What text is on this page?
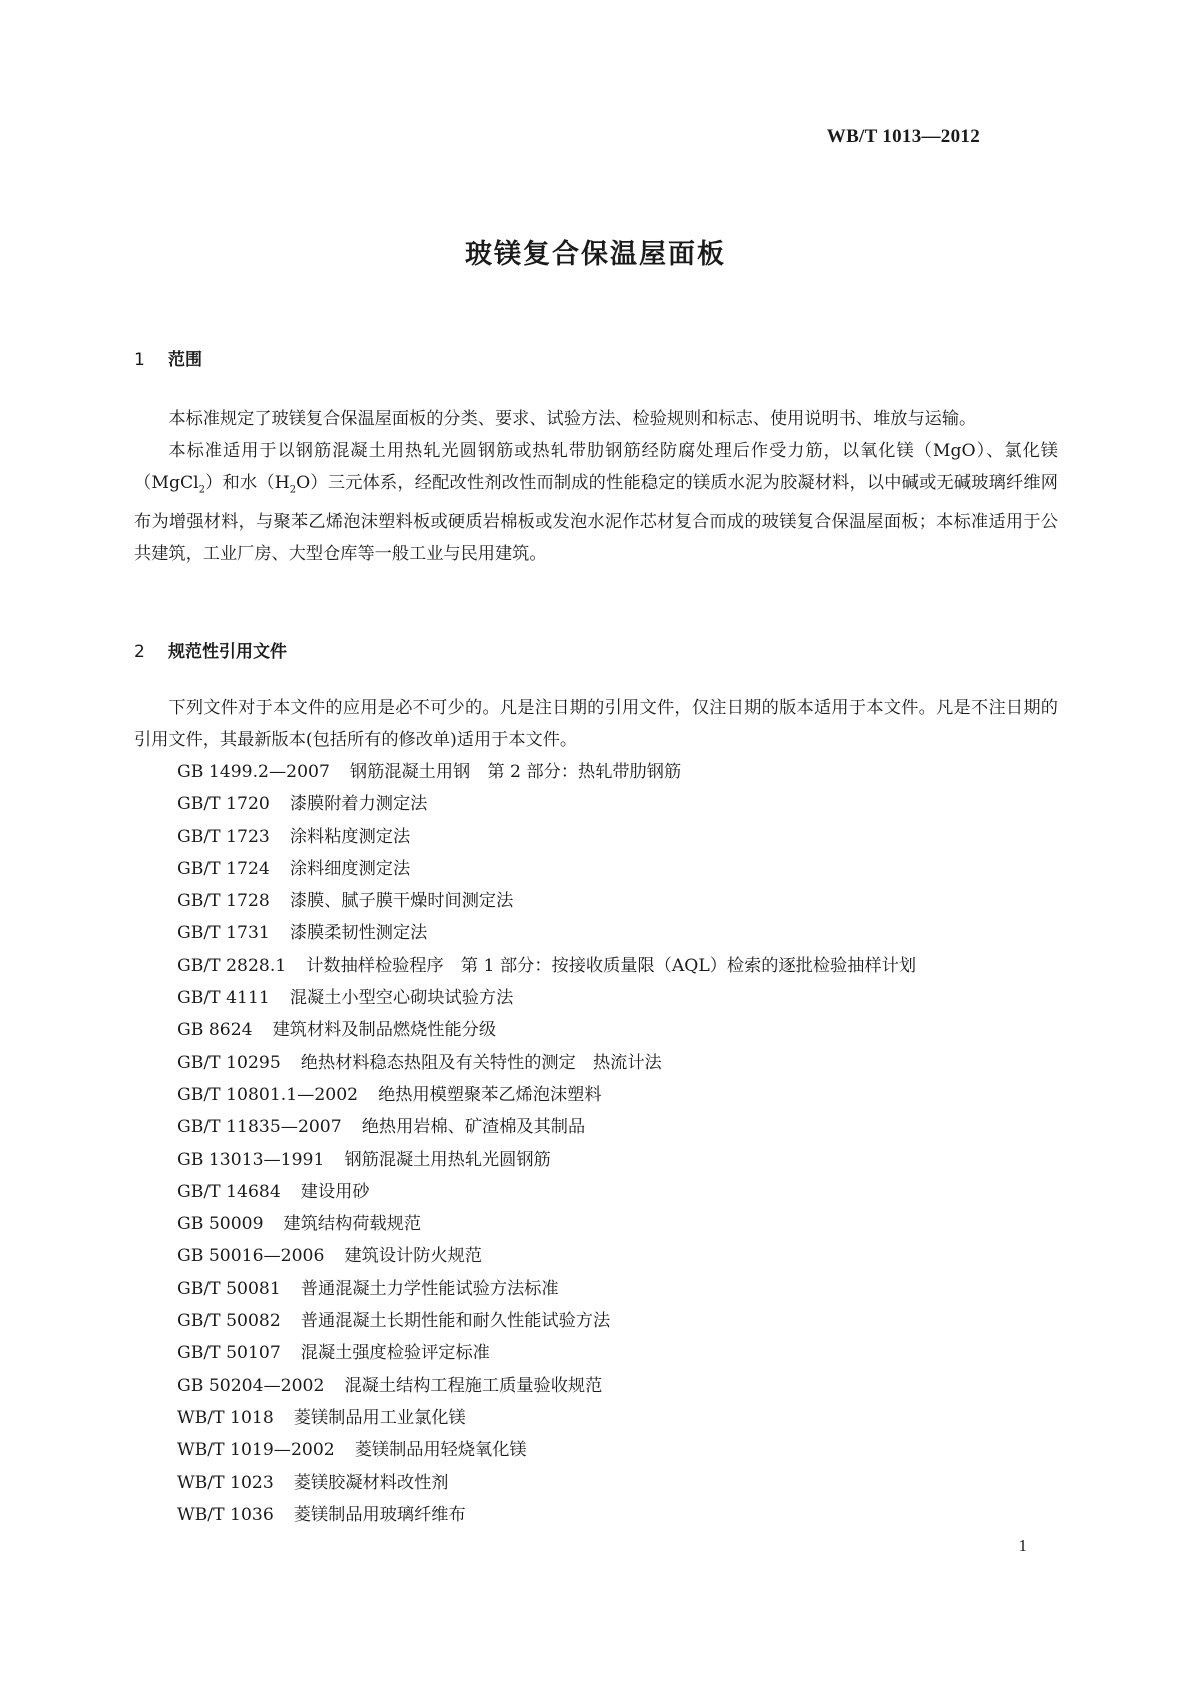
WB/T 1013—2012
玻镁复合保温屋面板
1 范围

本标准规定了玻镁复合保温屋面板的分类、要求、试验方法、检验规则和标志、使用说明书、堆放与运输。

本标准适用于以钢筋混凝土用热轧光圆钢筋或热轧带肋钢筋经防腐处理后作受力筋，以氧化镁（MgO）、氯化镁（MgCl$_2$）和水$(H_2O)$三元体系，经配改性剂改性而制成的性能稳定的镁质水泥为胶凝材料，以中碱或无碱玻璃纤维网布为增强材料，与聚苯乙烯泡沫塑料板或硬质岩棉板或发泡水泥作芯材复合而成的玻镁复合保温屋面板；本标准适用于公共建筑，工业厂房、大型仓库等一般工业与民用建筑。

2 规范性引用文件

下列文件对于本文件的应用是必不可少的。凡是注日期的引用文件，仅注日期的版本适用于本文件。凡是不注日期的引用文件，其最新版本(包括所有的修改单)适用于本文件。

GB 1499.2—2007 钢筋混凝土用钢　第 2 部分：热轧带肋钢筋
GB/T 1720 漆膜附着力测定法
GB/T 1723 涂料粘度测定法
GB/T 1724 涂料细度测定法
GB/T 1728 漆膜、腻子膜干燥时间测定法
GB/T 1731 漆膜柔韧性测定法
GB/T 2828.1 计数抽样检验程序　第 1 部分：按接收质量限（AQL）检索的逐批检验抽样计划
GB/T 4111 混凝土小型空心砌块试验方法
GB 8624 建筑材料及制品燃烧性能分级
GB/T 10295 绝热材料稳态热阻及有关特性的测定　热流计法
GB/T 10801.1—2002 绝热用模塑聚苯乙烯泡沫塑料
GB/T 11835—2007 绝热用岩棉、矿渣棉及其制品
GB 13013—1991 钢筋混凝土用热轧光圆钢筋
GB/T 14684 建设用砂
GB 50009 建筑结构荷载规范
GB 50016—2006 建筑设计防火规范
GB/T 50081 普通混凝土力学性能试验方法标准
GB/T 50082 普通混凝土长期性能和耐久性能试验方法
GB/T 50107 混凝土强度检验评定标准
GB 50204—2002 混凝土结构工程施工质量验收规范
WB/T 1018 菱镁制品用工业氯化镁
WB/T 1019—2002 菱镁制品用轻烧氧化镁
WB/T 1023 菱镁胶凝材料改性剂
WB/T 1036 菱镁制品用玻璃纤维布
1
